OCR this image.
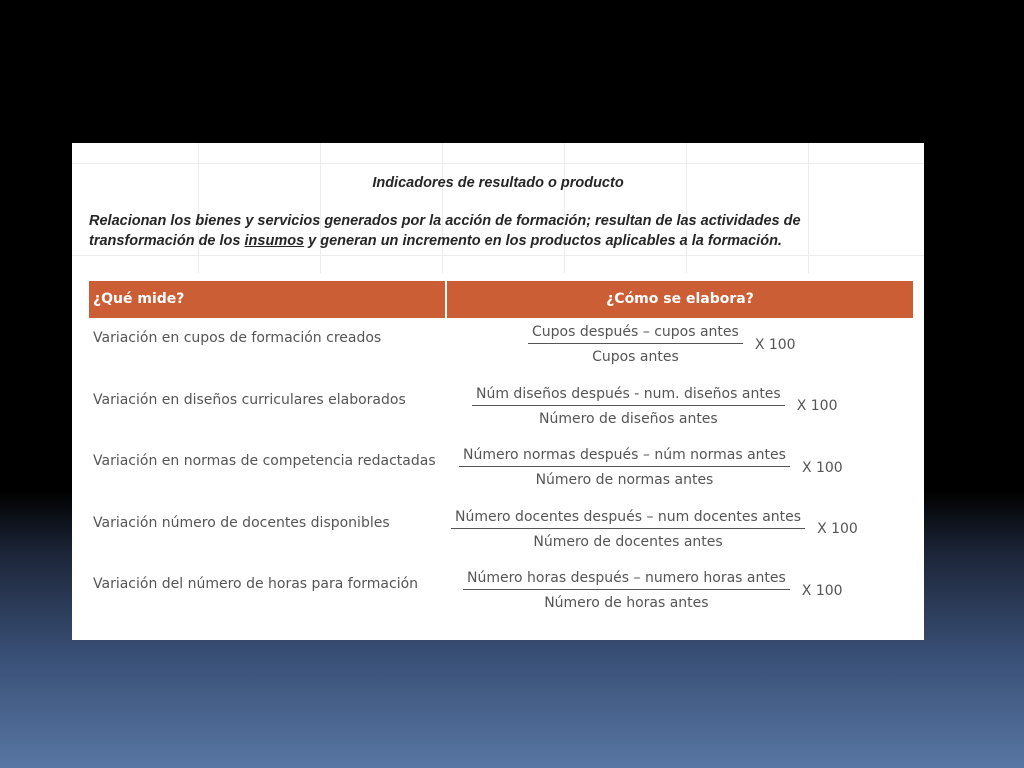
Indicadores de resultado o producto
Relacionan los bienes y servicios generados por la acción de formación; resultan de las actividades de transformación de los insumos y generan un incremento en los productos aplicables a la formación.
¿Qué mide?	¿Cómo se elabora?
Variación en cupos de formación creados	$\frac{\text{Cupos después – cupos antes}}{\text{Cupos antes}}$ X 100
Variación en diseños curriculares elaborados	$\frac{\text{Núm diseños después - num. diseños antes}}{\text{Número de diseños antes}}$ X 100
Variación en normas de competencia redactadas	$\frac{\text{Número normas después – núm normas antes}}{\text{Número de normas antes}}$ X 100
Variación número de docentes disponibles	$\frac{\text{Número docentes después – num docentes antes}}{\text{Número de docentes antes}}$ X 100
Variación del número de horas para formación	$\frac{\text{Número horas después – numero horas antes}}{\text{Número de horas antes}}$ X 100
